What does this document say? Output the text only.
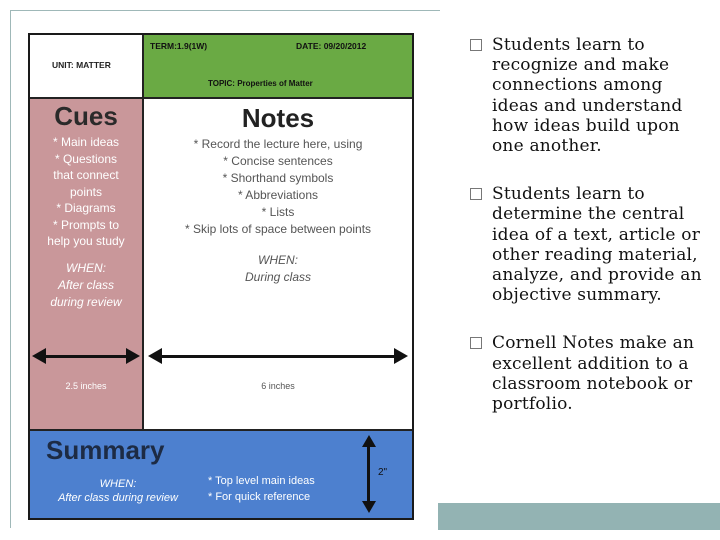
UNIT: MATTER
TERM:1.9(1W)	DATE: 09/20/2012
TOPIC: Properties of Matter
Cues
* Main ideas
* Questions
that connect
points
* Diagrams
* Prompts to
help you study
WHEN:
After class
during review
2.5 inches
Notes
* Record the lecture here, using
* Concise sentences
* Shorthand symbols
* Abbreviations
* Lists
* Skip lots of space between points
WHEN:
During class
6 inches
Summary
WHEN:
After class during review
* Top level main ideas
* For quick reference
2"
Students learn to recognize and make connections among ideas and understand how ideas build upon one another.
Students learn to determine the central idea of a text, article or other reading material, analyze, and provide an objective summary.
Cornell Notes make an excellent addition to a classroom notebook or portfolio.
